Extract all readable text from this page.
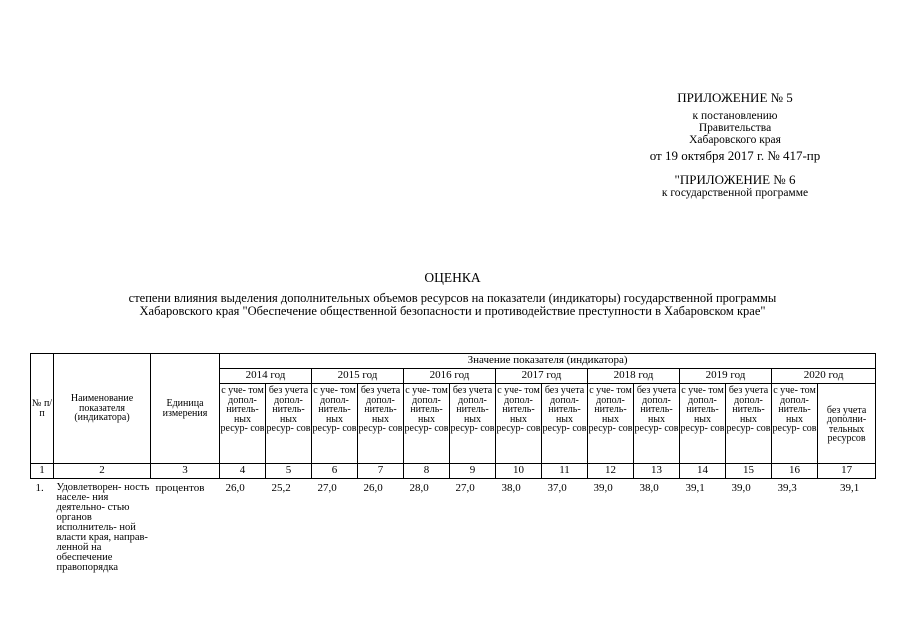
ПРИЛОЖЕНИЕ № 5
к постановлению
Правительства
Хабаровского края
от 19 октября 2017 г. № 417-пр
"ПРИЛОЖЕНИЕ № 6
к государственной программе
ОЦЕНКА
степени влияния выделения дополнительных объемов ресурсов на показатели (индикаторы) государственной программы
Хабаровского края "Обеспечение общественной безопасности и противодействие преступности в Хабаровском крае"
№ п/п	Наименование показателя (индикатора)	Единица измерения	Значение показателя (индикатора)													
			2014 год		2015 год		2016 год		2017 год		2018 год		2019 год		2020 год	
			с уче- том допол- нитель- ных ресур- сов	без учета допол- нитель- ных ресур- сов	с уче- том допол- нитель- ных ресур- сов	без учета допол- нитель- ных ресур- сов	с уче- том допол- нитель- ных ресур- сов	без учета допол- нитель- ных ресур- сов	с уче- том допол- нитель- ных ресур- сов	без учета допол- нитель- ных ресур- сов	с уче- том допол- нитель- ных ресур- сов	без учета допол- нитель- ных ресур- сов	с уче- том допол- нитель- ных ресур- сов	без учета допол- нитель- ных ресур- сов	с уче- том допол- нитель- ных ресур- сов	без учета дополни- тельных ресурсов
1	2	3	4	5	6	7	8	9	10	11	12	13	14	15	16	17
1.	Удовлетворен- ность населе- ния деятельно- стью органов исполнитель- ной власти края, направ- ленной на обеспечение правопорядка	процентов	26,0	25,2	27,0	26,0	28,0	27,0	38,0	37,0	39,0	38,0	39,1	39,0	39,3	39,1
